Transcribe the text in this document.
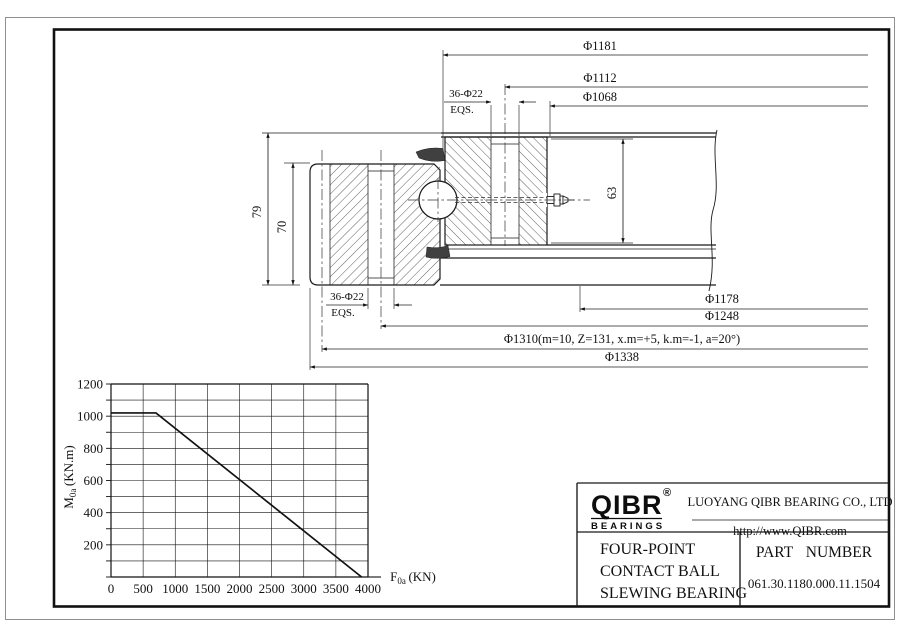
Φ1181
Φ1112
Φ1068
36-Φ22
EQS.
79
70
63
36-Φ22
EQS.
Φ1178
Φ1248
Φ1310(m=10, Z=131, x.m=+5, k.m=-1, a=20°)
Φ1338
200
400
600
800
1000
1200
0 500 1000 1500 2000 2500 3000 3500 4000
$M_{0a}$ (KN.m)
$F_{0a}$ (KN)
QIBR ®
BEARINGS
LUOYANG QIBR BEARING CO., LTD
http://www.QIBR.com
FOUR-POINT
CONTACT BALL
SLEWING BEARING
PART NUMBER
061.30.1180.000.11.1504
